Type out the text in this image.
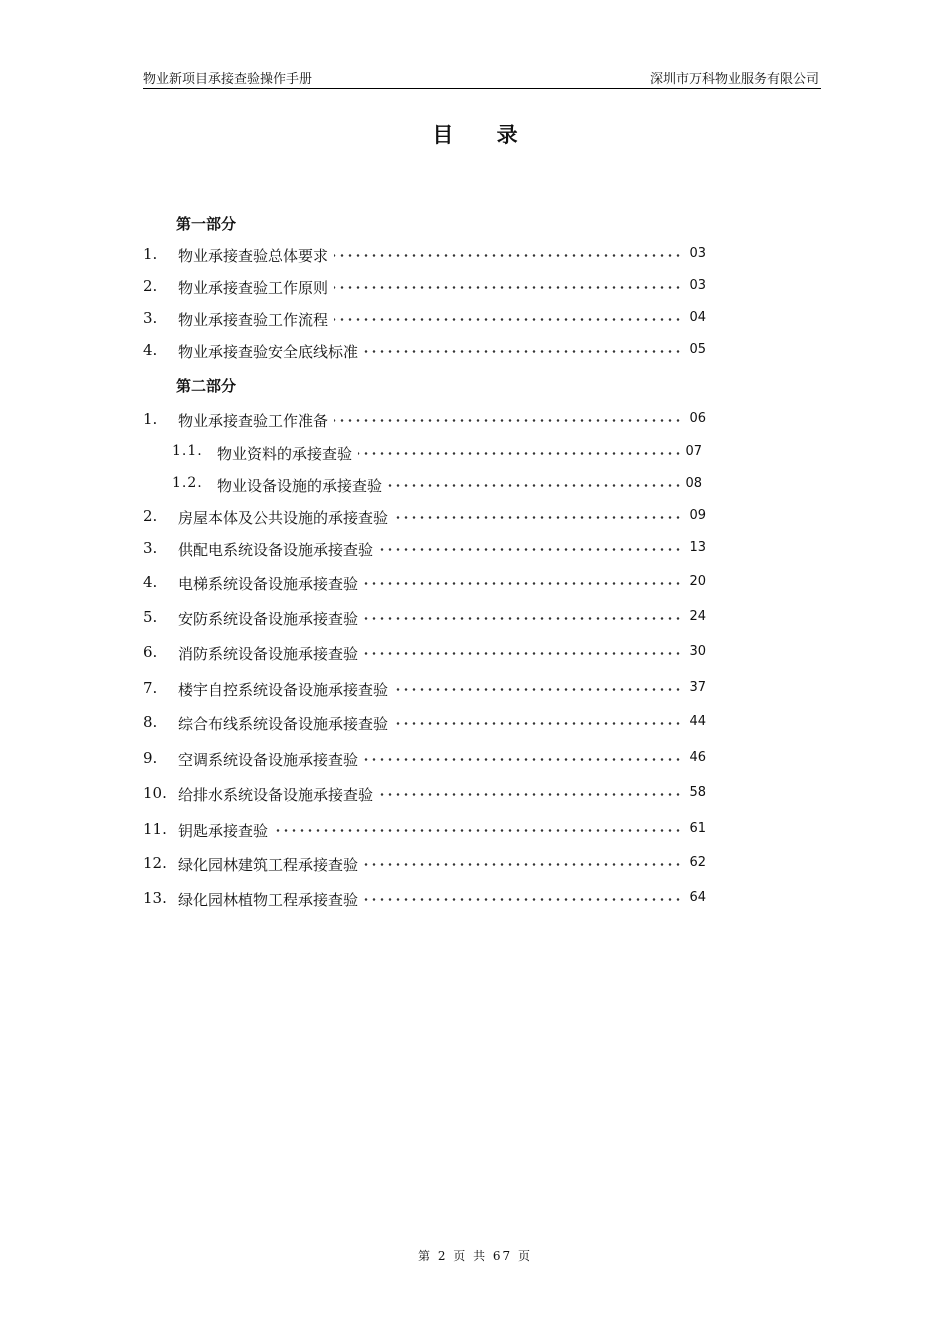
物业新项目承接查验操作手册	深圳市万科物业服务有限公司
目 录
第一部分
1. 物业承接查验总体要求	03
2. 物业承接查验工作原则	03
3. 物业承接查验工作流程	04
4. 物业承接查验安全底线标准	05
第二部分
1. 物业承接查验工作准备	06
1.1. 物业资料的承接查验	07
1.2. 物业设备设施的承接查验	08
2. 房屋本体及公共设施的承接查验	09
3. 供配电系统设备设施承接查验	13
4. 电梯系统设备设施承接查验	20
5. 安防系统设备设施承接查验	24
6. 消防系统设备设施承接查验	30
7. 楼宇自控系统设备设施承接查验	37
8. 综合布线系统设备设施承接查验	44
9. 空调系统设备设施承接查验	46
10. 给排水系统设备设施承接查验	58
11. 钥匙承接查验	61
12. 绿化园林建筑工程承接查验	62
13. 绿化园林植物工程承接查验	64
第 2 页 共 67 页
